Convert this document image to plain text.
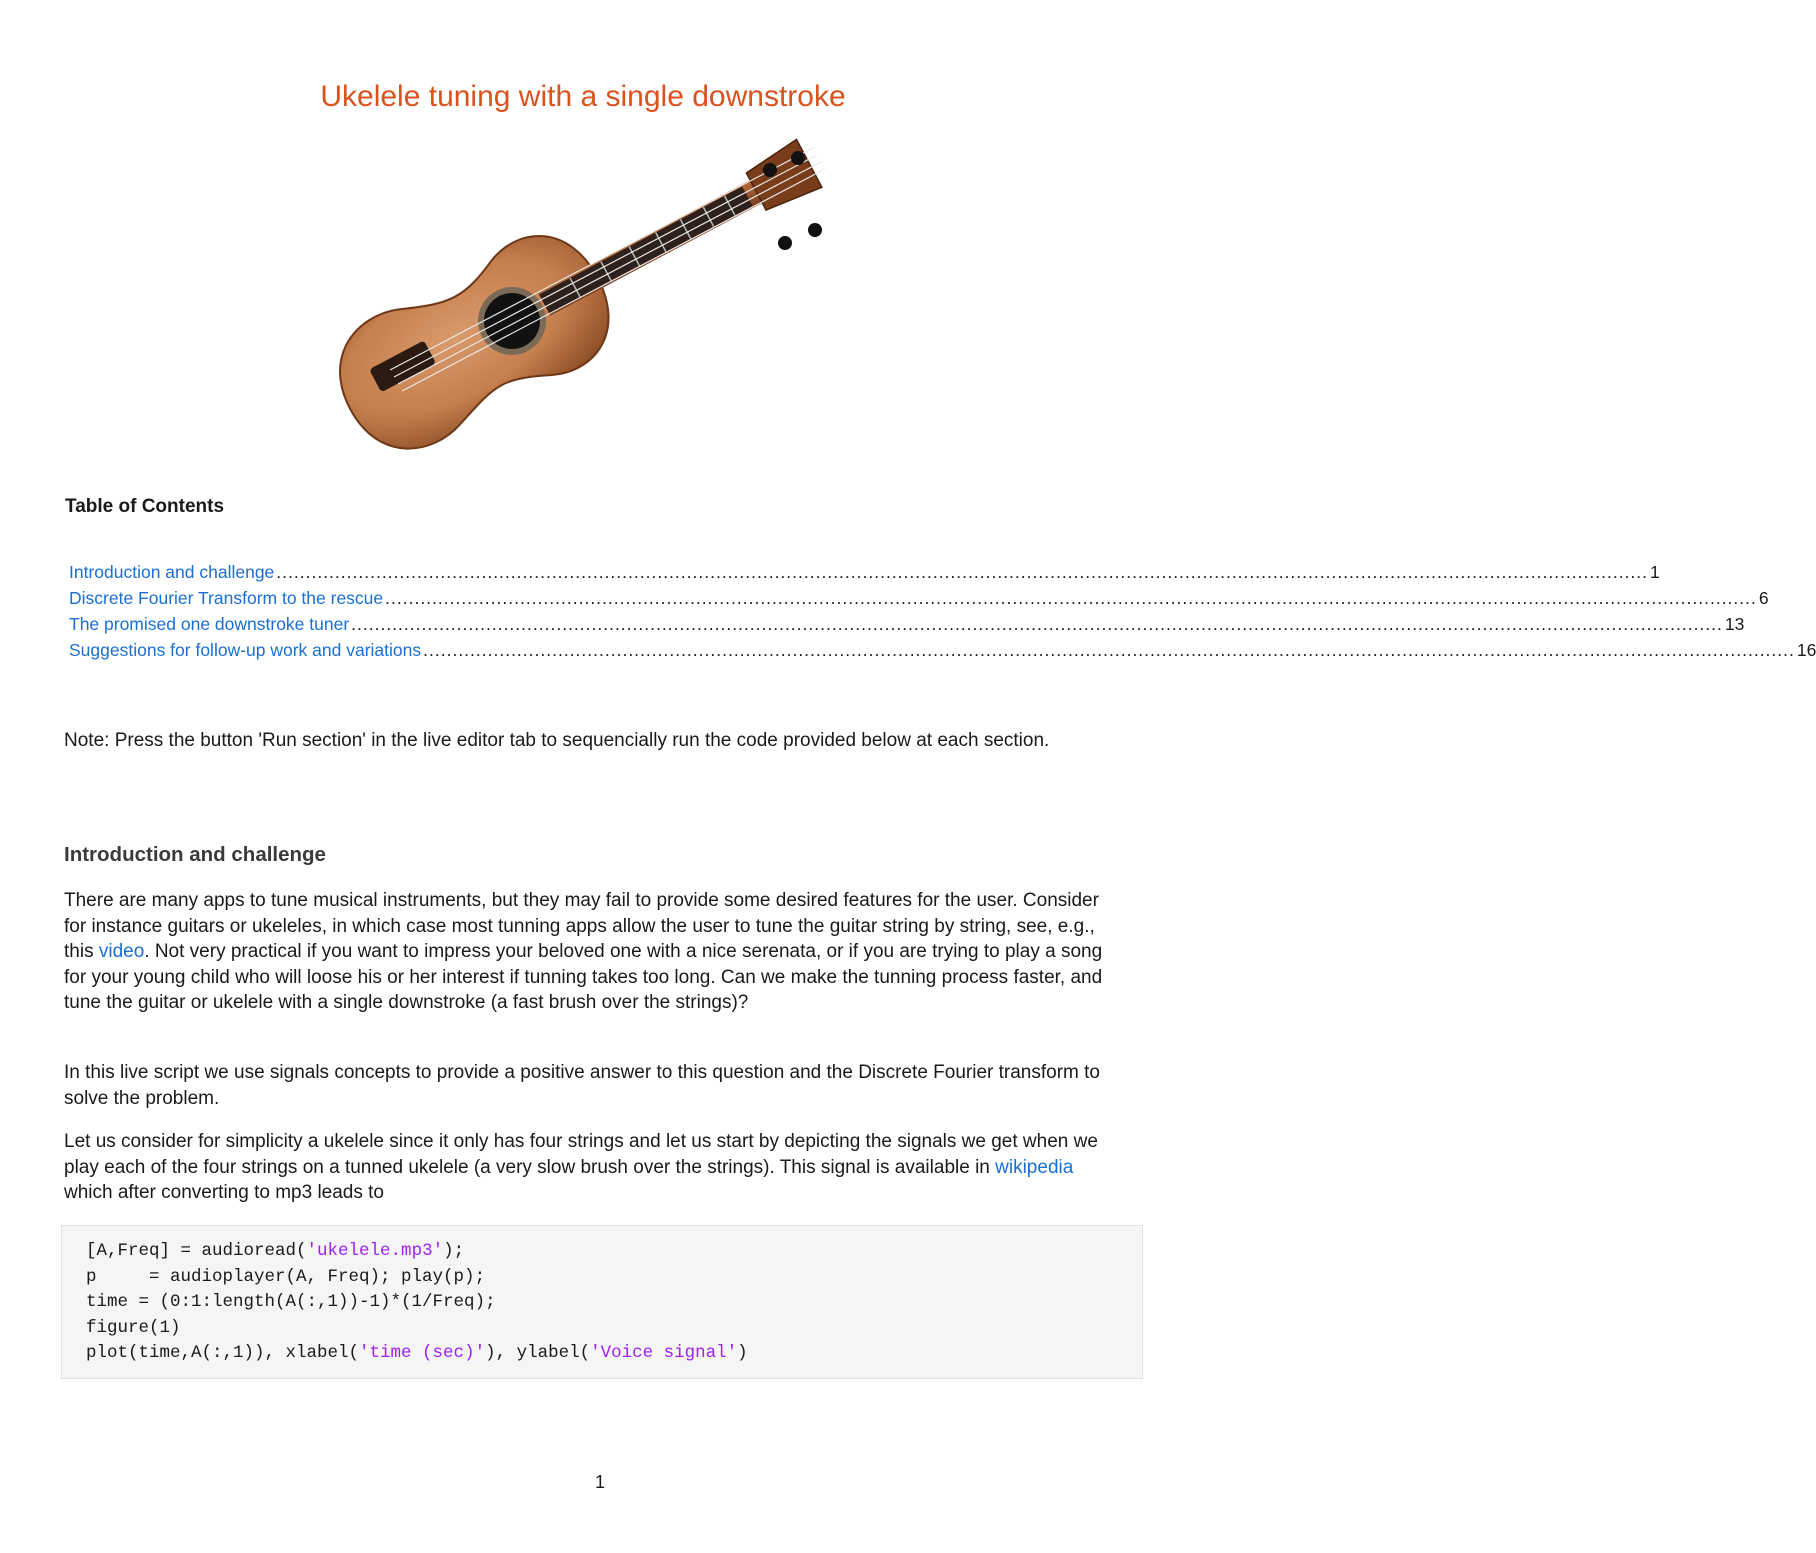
Ukelele tuning with a single downstroke
Table of Contents
Introduction and challenge .......................................................................................................................................................................................................................................... 1
Discrete Fourier Transform to the rescue .......................................................................................................................................................................................................................................... 6
The promised one downstroke tuner .......................................................................................................................................................................................................................................... 13
Suggestions for follow-up work and variations .......................................................................................................................................................................................................................................... 16

Note: Press the button 'Run section' in the live editor tab to sequencially run the code provided below at each section.

Introduction and challenge

There are many apps to tune musical instruments, but they may fail to provide some desired features for the user. Consider for instance guitars or ukeleles, in which case most tunning apps allow the user to tune the guitar string by string, see, e.g., this video. Not very practical if you want to impress your beloved one with a nice serenata, or if you are trying to play a song for your young child who will loose his or her interest if tunning takes too long. Can we make the tunning process faster, and tune the guitar or ukelele with a single downstroke (a fast brush over the strings)?

In this live script we use signals concepts to provide a positive answer to this question and the Discrete Fourier transform to solve the problem.

Let us consider for simplicity a ukelele since it only has four strings and let us start by depicting the signals we get when we play each of the four strings on a tunned ukelele (a very slow brush over the strings). This signal is available in wikipedia which after converting to mp3 leads to

[A,Freq] = audioread('ukelele.mp3');
p     = audioplayer(A, Freq); play(p);
time = (0:1:length(A(:,1))-1)*(1/Freq);
figure(1)
plot(time,A(:,1)), xlabel('time (sec)'), ylabel('Voice signal')
1
